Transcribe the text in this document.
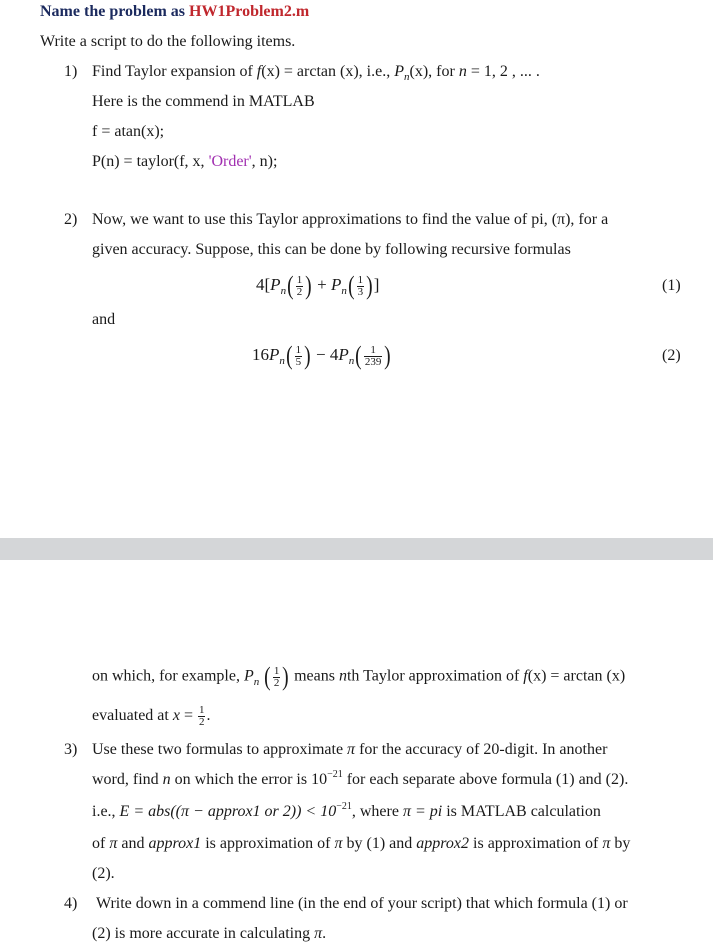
Name the problem as HW1Problem2.m
Write a script to do the following items.
1) Find Taylor expansion of f(x) = arctan (x), i.e., $P_n(x)$, for n = 1, 2 , ... .
Here is the commend in MATLAB
f = atan(x);
P(n) = taylor(f, x, 'Order', n);
2) Now, we want to use this Taylor approximations to find the value of pi, (π), for a
given accuracy. Suppose, this can be done by following recursive formulas
$4[P_n( \frac{1}{2}$ ) + $P_n( \frac{1}{3}$ )]	(1)
and
$16P_n( \frac{1}{5}$ ) − $4P_n( \frac{1}{239}$ )	(2)
on which, for example, $P_n$ ( $\frac{1}{2}$ ) means nth Taylor approximation of f(x) = arctan (x)
evaluated at $x = \frac{1}{2}$ .
3) Use these two formulas to approximate π for the accuracy of 20-digit. In another
word, find n on which the error is $10^{-21}$ for each separate above formula (1) and (2).
i.e., E = abs((π − approx1 or $2)) < 10^{-21}$, where π = pi is MATLAB calculation
of π and approx1 is approximation of π by (1) and approx2 is approximation of π by
(2).
4) Write down in a commend line (in the end of your script) that which formula (1) or
(2) is more accurate in calculating π.
